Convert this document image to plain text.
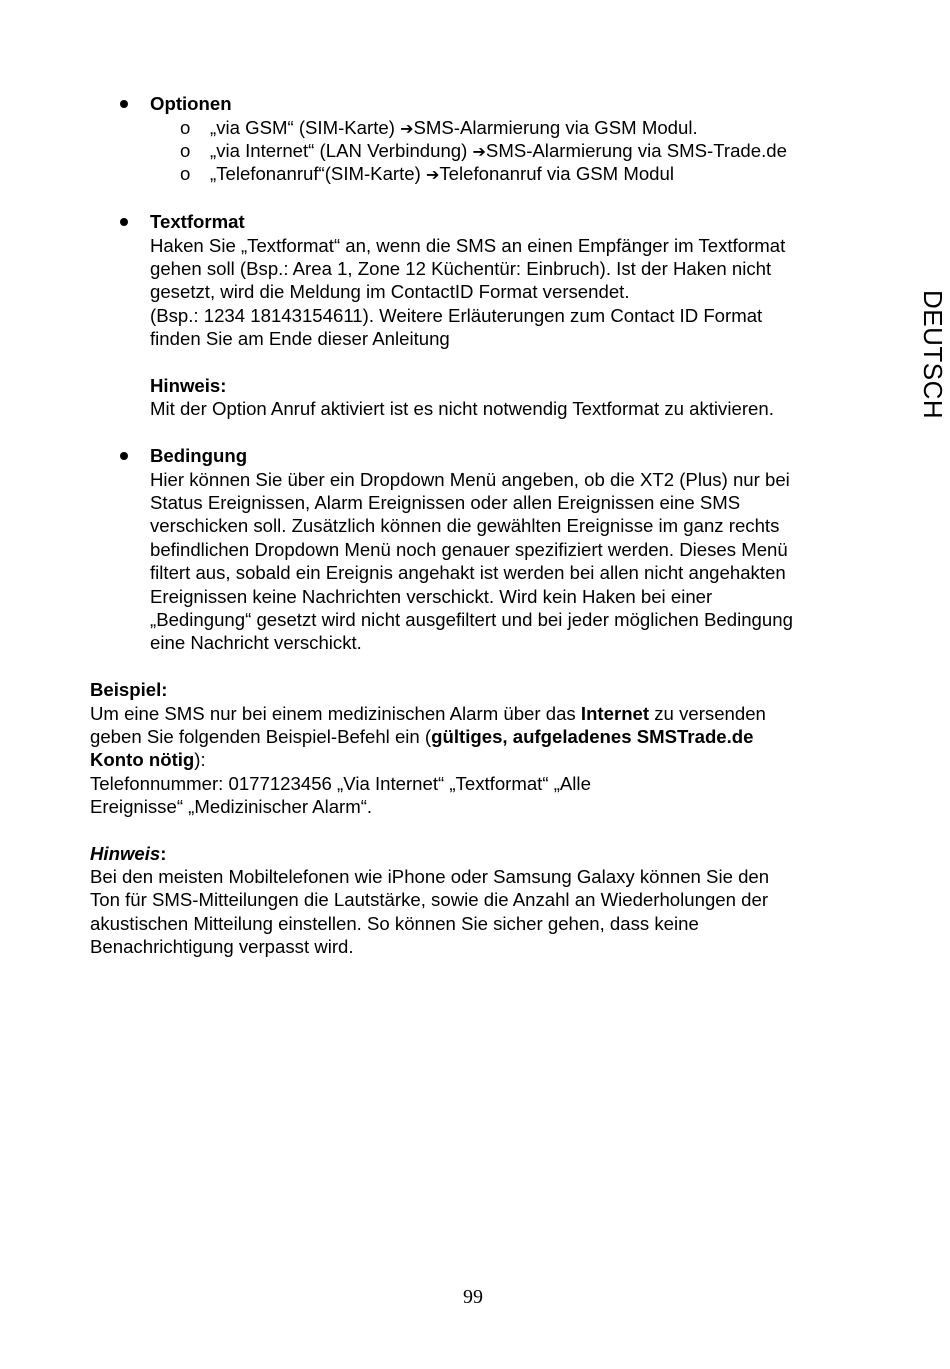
DEUTSCH
Optionen
o	„via GSM“ (SIM-Karte) ➔SMS-Alarmierung via GSM Modul.
o	„via Internet“ (LAN Verbindung) ➔SMS-Alarmierung via SMS-Trade.de
o	„Telefonanruf“(SIM-Karte) ➔Telefonanruf via GSM Modul
Textformat
Haken Sie „Textformat“ an, wenn die SMS an einen Empfänger im Textformat
gehen soll (Bsp.: Area 1, Zone 12 Küchentür: Einbruch). Ist der Haken nicht
gesetzt, wird die Meldung im ContactID Format versendet.
(Bsp.: 1234 18143154611). Weitere Erläuterungen zum Contact ID Format
finden Sie am Ende dieser Anleitung
Hinweis:
Mit der Option Anruf aktiviert ist es nicht notwendig Textformat zu aktivieren.
Bedingung
Hier können Sie über ein Dropdown Menü angeben, ob die XT2 (Plus) nur bei
Status Ereignissen, Alarm Ereignissen oder allen Ereignissen eine SMS
verschicken soll. Zusätzlich können die gewählten Ereignisse im ganz rechts
befindlichen Dropdown Menü noch genauer spezifiziert werden. Dieses Menü
filtert aus, sobald ein Ereignis angehakt ist werden bei allen nicht angehakten
Ereignissen keine Nachrichten verschickt. Wird kein Haken bei einer
„Bedingung“ gesetzt wird nicht ausgefiltert und bei jeder möglichen Bedingung
eine Nachricht verschickt.
Beispiel:
Um eine SMS nur bei einem medizinischen Alarm über das Internet zu versenden
geben Sie folgenden Beispiel-Befehl ein (gültiges, aufgeladenes SMSTrade.de
Konto nötig):
Telefonnummer: 0177123456 „Via Internet“ „Textformat“ „Alle
Ereignisse“ „Medizinischer Alarm“.
Hinweis:
Bei den meisten Mobiltelefonen wie iPhone oder Samsung Galaxy können Sie den
Ton für SMS-Mitteilungen die Lautstärke, sowie die Anzahl an Wiederholungen der
akustischen Mitteilung einstellen. So können Sie sicher gehen, dass keine
Benachrichtigung verpasst wird.
99
